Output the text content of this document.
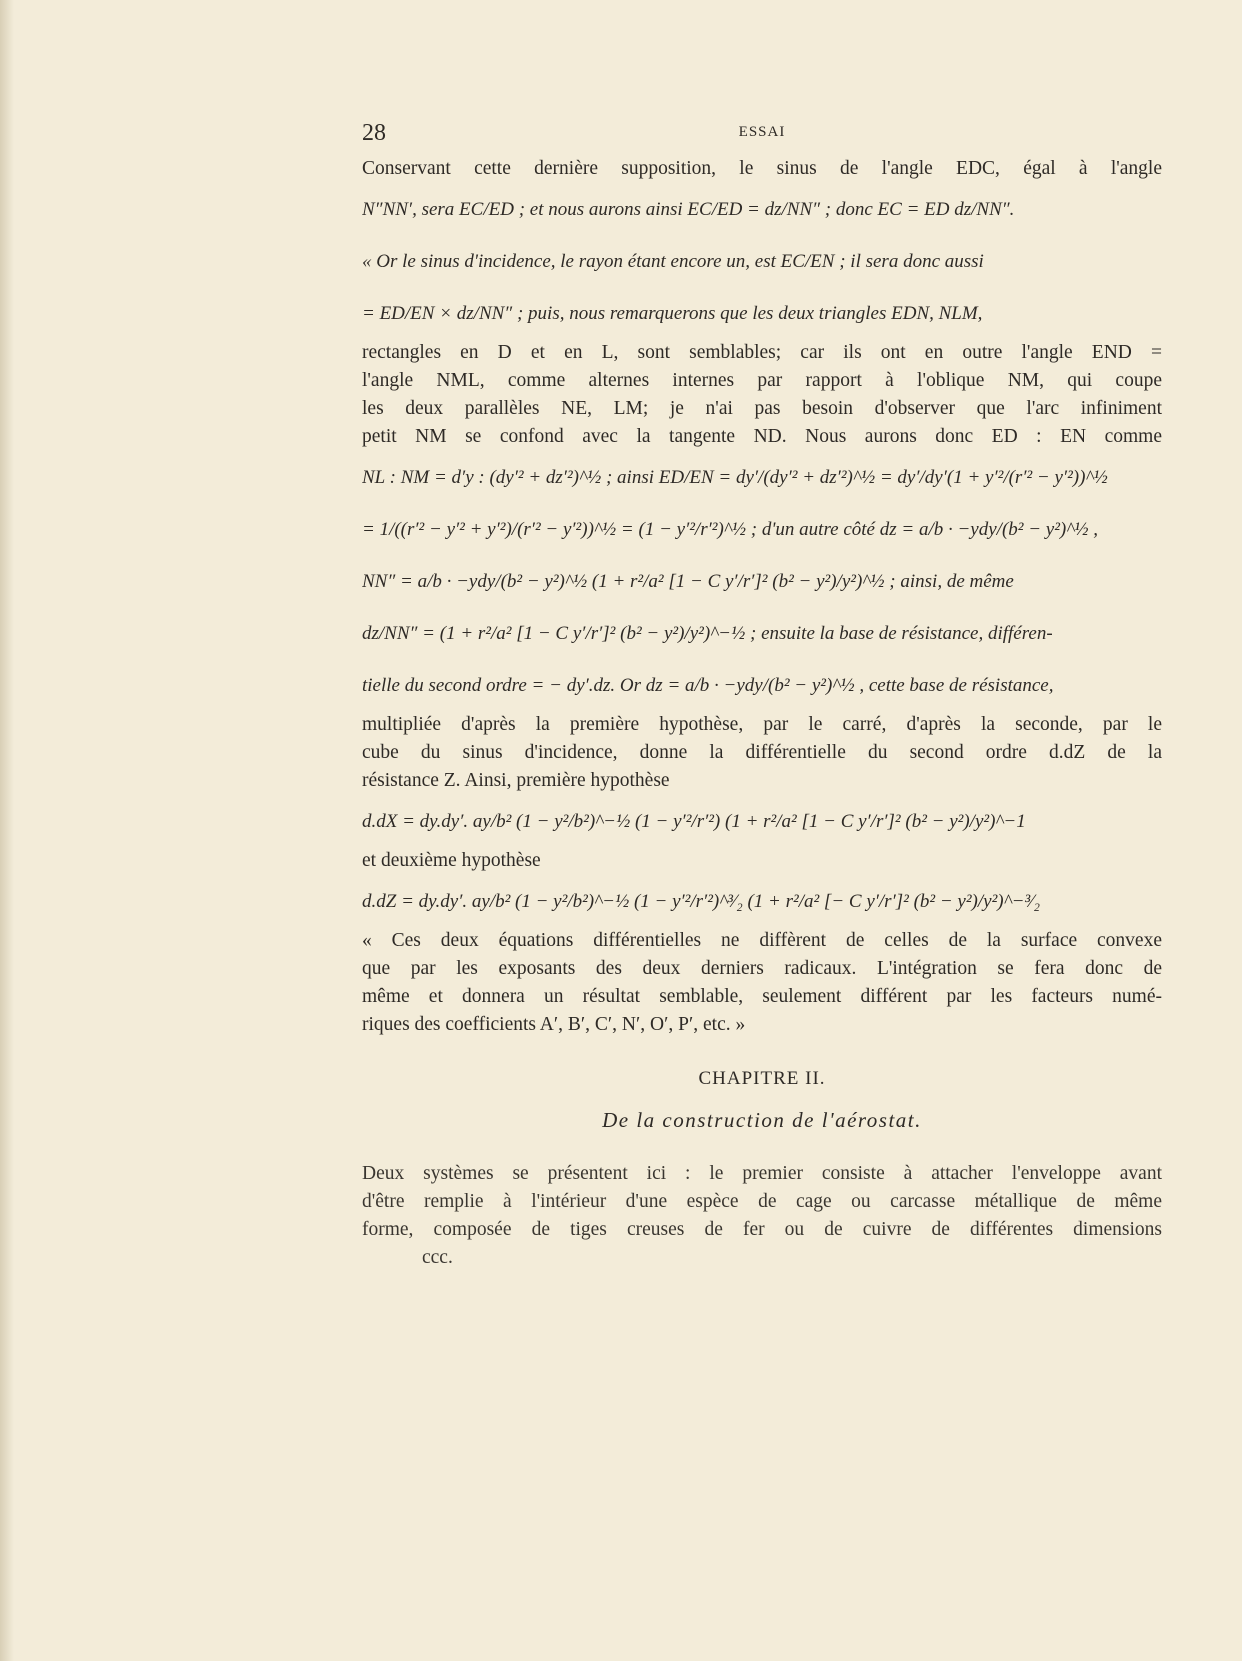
28	ESSAI
Conservant cette dernière supposition, le sinus de l'angle EDC, égal à l'angle
N″NN′, sera EC/ED ; et nous aurons ainsi EC/ED = dz/NN″ ; donc EC = ED dz/NN″.
« Or le sinus d'incidence, le rayon étant encore un, est EC/EN ; il sera donc aussi
= ED/EN × dz/NN″ ; puis, nous remarquerons que les deux triangles EDN, NLM,
rectangles en D et en L, sont semblables; car ils ont en outre l'angle END =
l'angle NML, comme alternes internes par rapport à l'oblique NM, qui coupe
les deux parallèles NE, LM; je n'ai pas besoin d'observer que l'arc infiniment
petit NM se confond avec la tangente ND. Nous aurons donc ED : EN comme
NL : NM = d′y : (dy′² + dz′²)^½ ; ainsi ED/EN = dy′/(dy′² + dz′²)^½ = dy′/dy′(1 + y′²/(r′² − y′²))^½
= 1/((r′² − y′² + y′²)/(r′² − y′²))^½ = (1 − y′²/r′²)^½ ; d'un autre côté dz = a/b · −ydy/(b² − y²)^½ ,
NN″ = a/b · −ydy/(b² − y²)^½ (1 + r²/a² [1 − C y′/r′]² (b² − y²)/y²)^½ ; ainsi, de même
dz/NN″ = (1 + r²/a² [1 − C y′/r′]² (b² − y²)/y²)^−½ ; ensuite la base de résistance, différen-
tielle du second ordre = − dy′.dz. Or dz = a/b · −ydy/(b² − y²)^½ , cette base de résistance,
multipliée d'après la première hypothèse, par le carré, d'après la seconde, par le
cube du sinus d'incidence, donne la différentielle du second ordre d.dZ de la
résistance Z. Ainsi, première hypothèse
d.dX = dy.dy′. ay/b² (1 − y²/b²)^−½ (1 − y′²/r′²) (1 + r²/a² [1 − C y′/r′]² (b² − y²)/y²)^−1
et deuxième hypothèse
d.dZ = dy.dy′. ay/b² (1 − y²/b²)^−½ (1 − y′²/r′²)^³⁄₂ (1 + r²/a² [− C y′/r′]² (b² − y²)/y²)^−³⁄₂
« Ces deux équations différentielles ne diffèrent de celles de la surface convexe
que par les exposants des deux derniers radicaux. L'intégration se fera donc de
même et donnera un résultat semblable, seulement différent par les facteurs numé-
riques des coefficients A′, B′, C′, N′, O′, P′, etc. »
CHAPITRE II.
De la construction de l'aérostat.
Deux systèmes se présentent ici : le premier consiste à attacher l'enveloppe avant
d'être remplie à l'intérieur d'une espèce de cage ou carcasse métallique de même
forme, composée de tiges creuses de fer ou de cuivre de différentes dimensions
ccc.
